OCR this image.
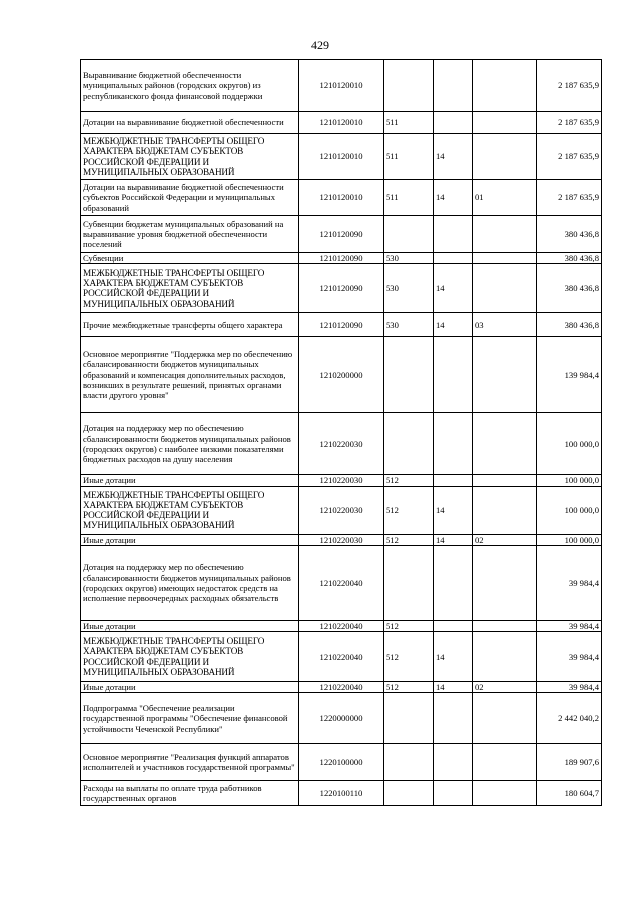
429
Выравнивание бюджетной обеспеченности муниципальных районов (городских округов) из республиканского фонда финансовой поддержки	1210120010				2 187 635,9
Дотации на выравнивание бюджетной обеспеченности	1210120010	511			2 187 635,9
МЕЖБЮДЖЕТНЫЕ ТРАНСФЕРТЫ ОБЩЕГО ХАРАКТЕРА БЮДЖЕТАМ СУБЪЕКТОВ РОССИЙСКОЙ ФЕДЕРАЦИИ И МУНИЦИПАЛЬНЫХ ОБРАЗОВАНИЙ	1210120010	511	14		2 187 635,9
Дотации на выравнивание бюджетной обеспеченности субъектов Российской Федерации и муниципальных образований	1210120010	511	14	01	2 187 635,9
Субвенции бюджетам муниципальных образований на выравнивание уровня бюджетной обеспеченности поселений	1210120090				380 436,8
Субвенции	1210120090	530			380 436,8
МЕЖБЮДЖЕТНЫЕ ТРАНСФЕРТЫ ОБЩЕГО ХАРАКТЕРА БЮДЖЕТАМ СУБЪЕКТОВ РОССИЙСКОЙ ФЕДЕРАЦИИ И МУНИЦИПАЛЬНЫХ ОБРАЗОВАНИЙ	1210120090	530	14		380 436,8
Прочие межбюджетные трансферты общего характера	1210120090	530	14	03	380 436,8
Основное мероприятие "Поддержка мер по обеспечению сбалансированности бюджетов муниципальных образований и компенсация дополнительных расходов, возникших в результате решений, принятых органами власти другого уровня"	1210200000				139 984,4
Дотация на поддержку мер по обеспечению сбалансированности бюджетов муниципальных районов (городских округов) с наиболее низкими показателями бюджетных расходов на душу населения	1210220030				100 000,0
Иные дотации	1210220030	512			100 000,0
МЕЖБЮДЖЕТНЫЕ ТРАНСФЕРТЫ ОБЩЕГО ХАРАКТЕРА БЮДЖЕТАМ СУБЪЕКТОВ РОССИЙСКОЙ ФЕДЕРАЦИИ И МУНИЦИПАЛЬНЫХ ОБРАЗОВАНИЙ	1210220030	512	14		100 000,0
Иные дотации	1210220030	512	14	02	100 000,0
Дотация на поддержку мер по обеспечению сбалансированности бюджетов муниципальных районов (городских округов) имеющих недостаток средств на исполнение первоочередных расходных обязательств	1210220040				39 984,4
Иные дотации	1210220040	512			39 984,4
МЕЖБЮДЖЕТНЫЕ ТРАНСФЕРТЫ ОБЩЕГО ХАРАКТЕРА БЮДЖЕТАМ СУБЪЕКТОВ РОССИЙСКОЙ ФЕДЕРАЦИИ И МУНИЦИПАЛЬНЫХ ОБРАЗОВАНИЙ	1210220040	512	14		39 984,4
Иные дотации	1210220040	512	14	02	39 984,4
Подпрограмма "Обеспечение реализации государственной программы "Обеспечение финансовой устойчивости Чеченской Республики"	1220000000				2 442 040,2
Основное мероприятие "Реализация функций аппаратов исполнителей и участников государственной программы"	1220100000				189 907,6
Расходы на выплаты по оплате труда работников государственных органов	1220100110				180 604,7
